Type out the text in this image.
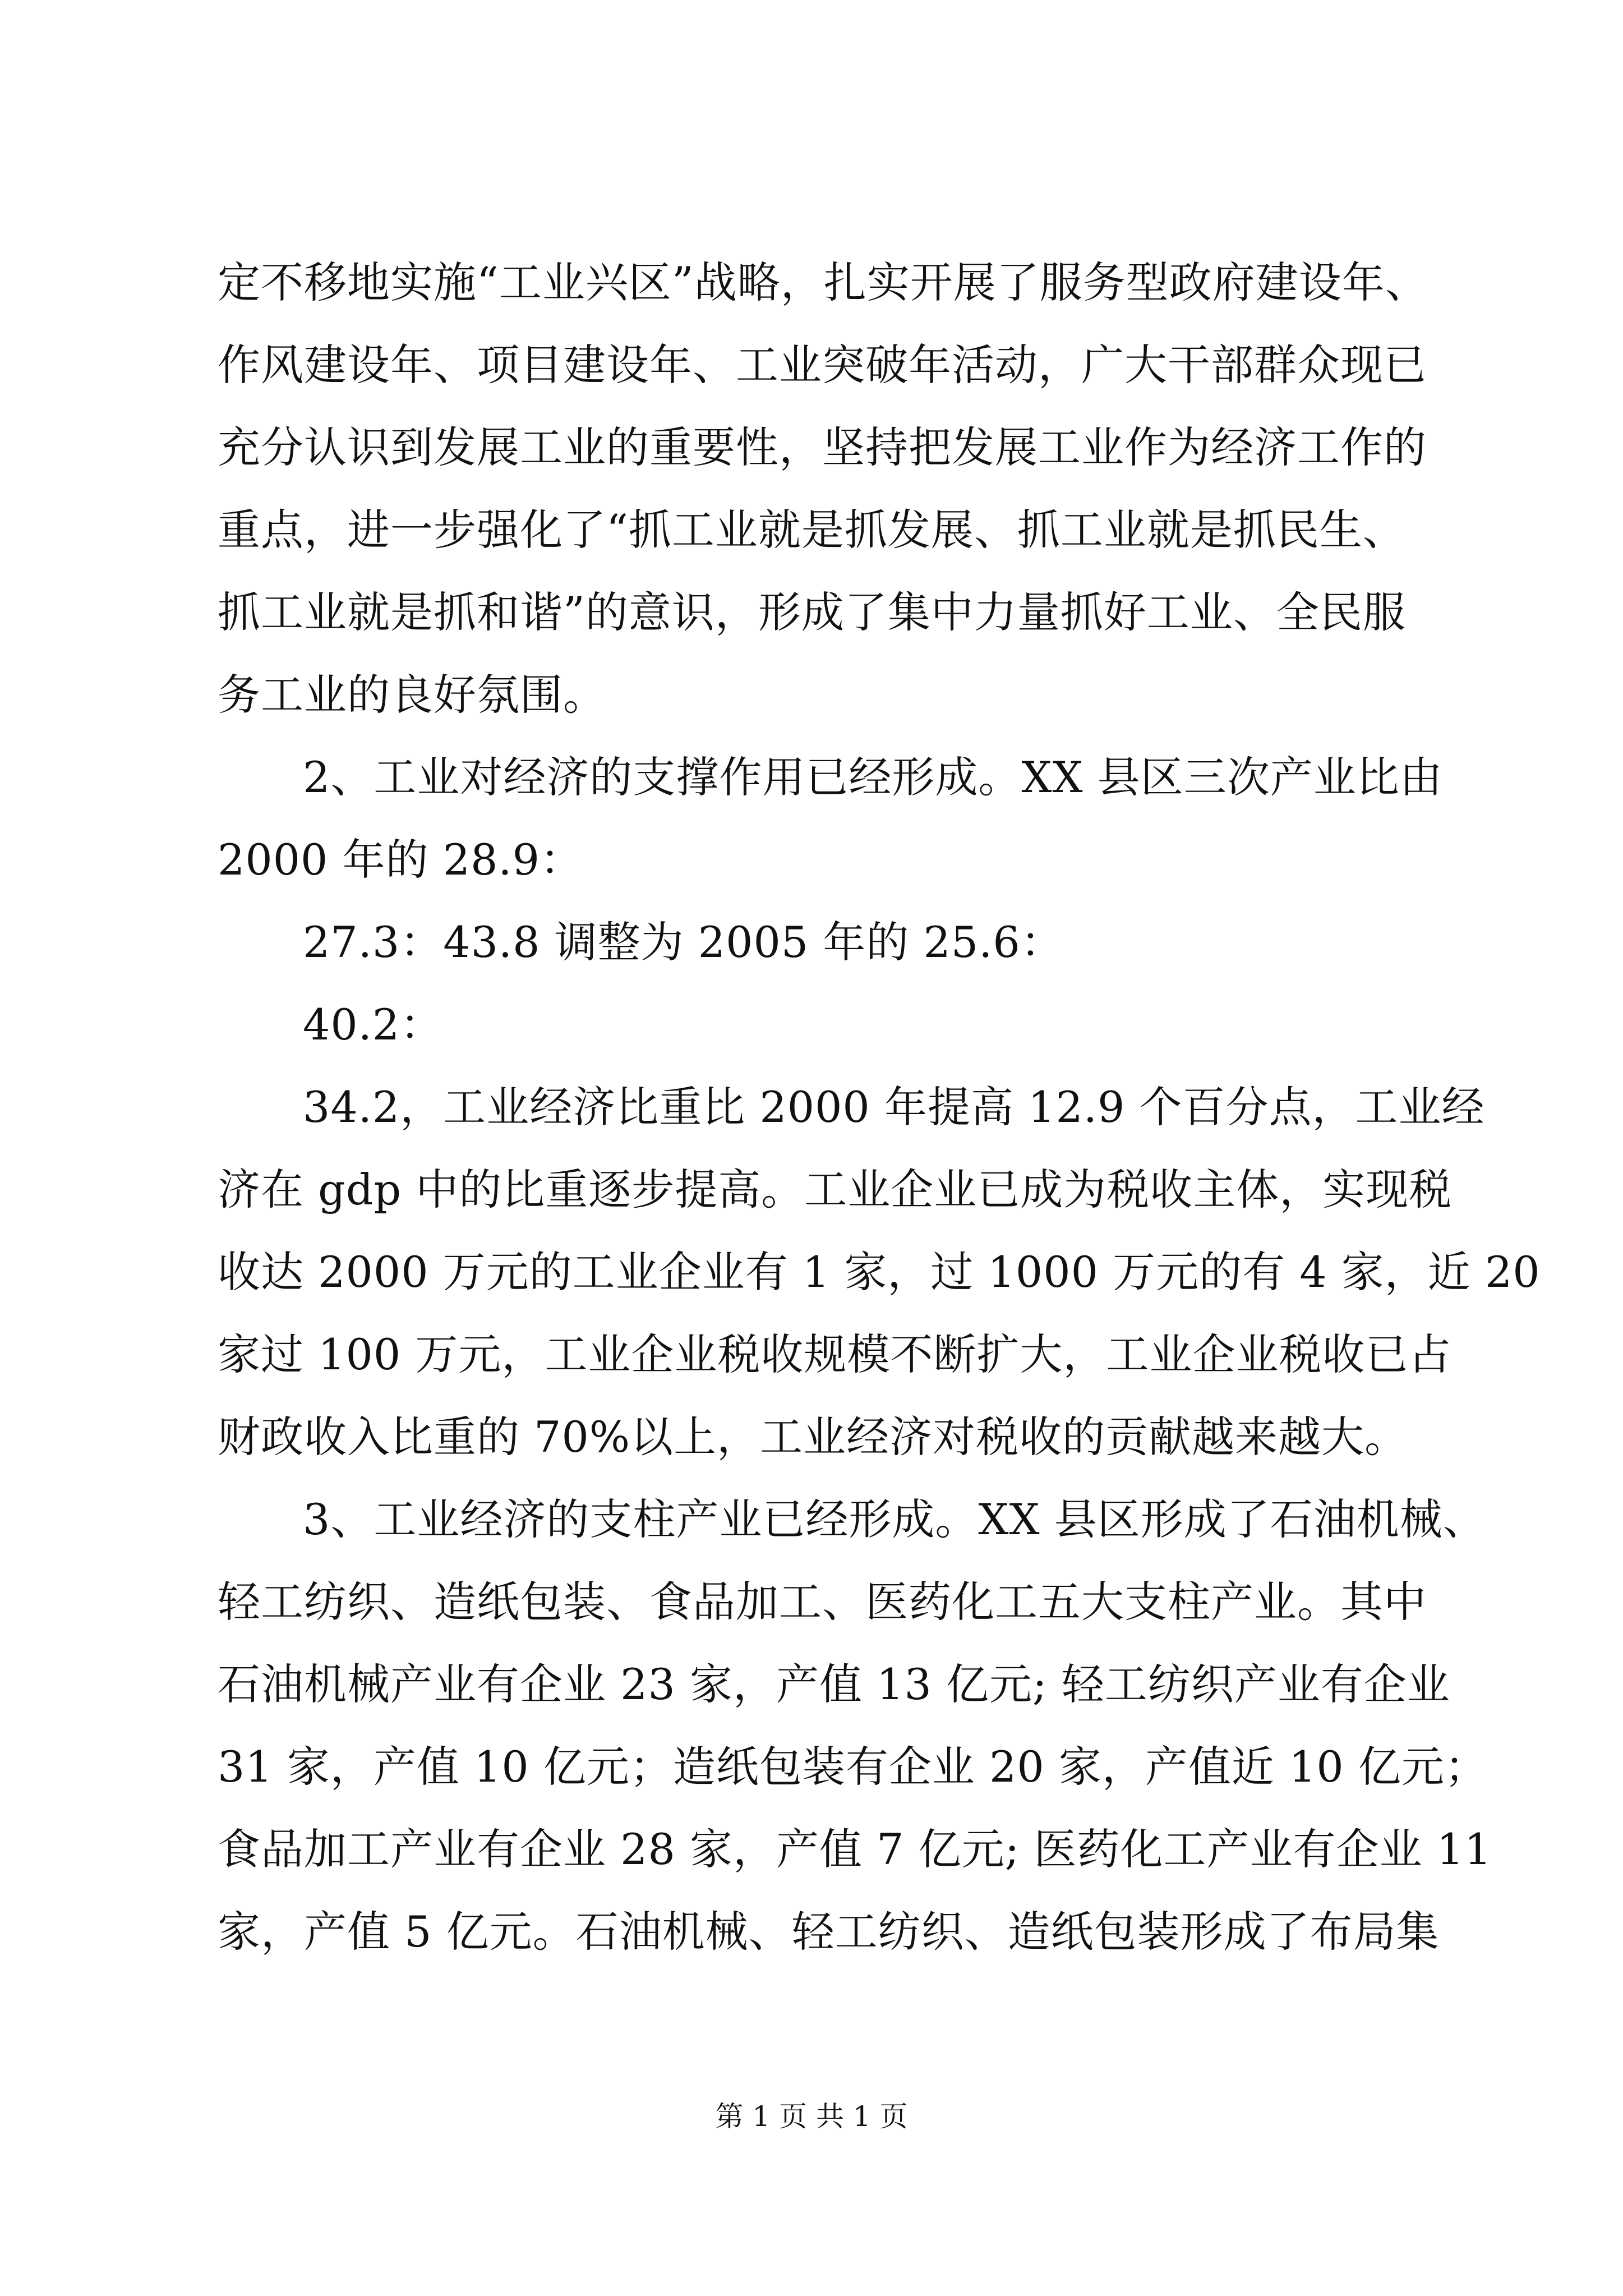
定不移地实施“工业兴区”战略，扎实开展了服务型政府建设年、
作风建设年、项目建设年、工业突破年活动，广大干部群众现已
充分认识到发展工业的重要性，坚持把发展工业作为经济工作的
重点，进一步强化了“抓工业就是抓发展、抓工业就是抓民生、
抓工业就是抓和谐”的意识，形成了集中力量抓好工业、全民服
务工业的良好氛围。
2、工业对经济的支撑作用已经形成。XX 县区三次产业比由
2000 年的 28.9：
27.3：43.8 调整为 2005 年的 25.6：
40.2：
34.2，工业经济比重比 2000 年提高 12.9 个百分点，工业经
济在 gdp 中的比重逐步提高。工业企业已成为税收主体，实现税
收达 2000 万元的工业企业有 1 家，过 1000 万元的有 4 家，近 20
家过 100 万元，工业企业税收规模不断扩大，工业企业税收已占
财政收入比重的 70%以上，工业经济对税收的贡献越来越大。
3、工业经济的支柱产业已经形成。XX 县区形成了石油机械、
轻工纺织、造纸包装、食品加工、医药化工五大支柱产业。其中
石油机械产业有企业 23 家，产值 13 亿元; 轻工纺织产业有企业
31 家，产值 10 亿元；造纸包装有企业 20 家，产值近 10 亿元；
食品加工产业有企业 28 家，产值 7 亿元; 医药化工产业有企业 11
家，产值 5 亿元。石油机械、轻工纺织、造纸包装形成了布局集
第 1 页 共 1 页
